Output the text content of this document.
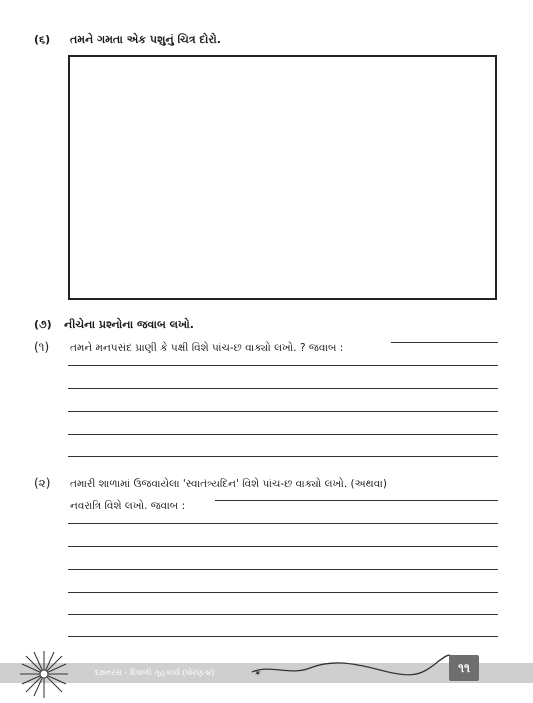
(૬) તમને ગમતા એક પશુનું ચિત્ર દોરો.
(૭) નીચેના પ્રશ્નોના જવાબ લખો.
(૧) તમને મનપસંદ પ્રાણી કે પક્ષી વિશે પાંચ-છ વાક્યો લખો. ? જવાબ :
(૨) તમારી શાળામાં ઉજવાયેલા 'સ્વાતંત્ર્યદિન' વિશે પાંચ-છ વાક્યો લખો. (અથવા)
નવરાત્રિ વિશે લખો. જવાબ :
દક્ષનરસ - દિવાળી ગૃહકાર્ય (ધોરણ-૪)	✶	૧૧
